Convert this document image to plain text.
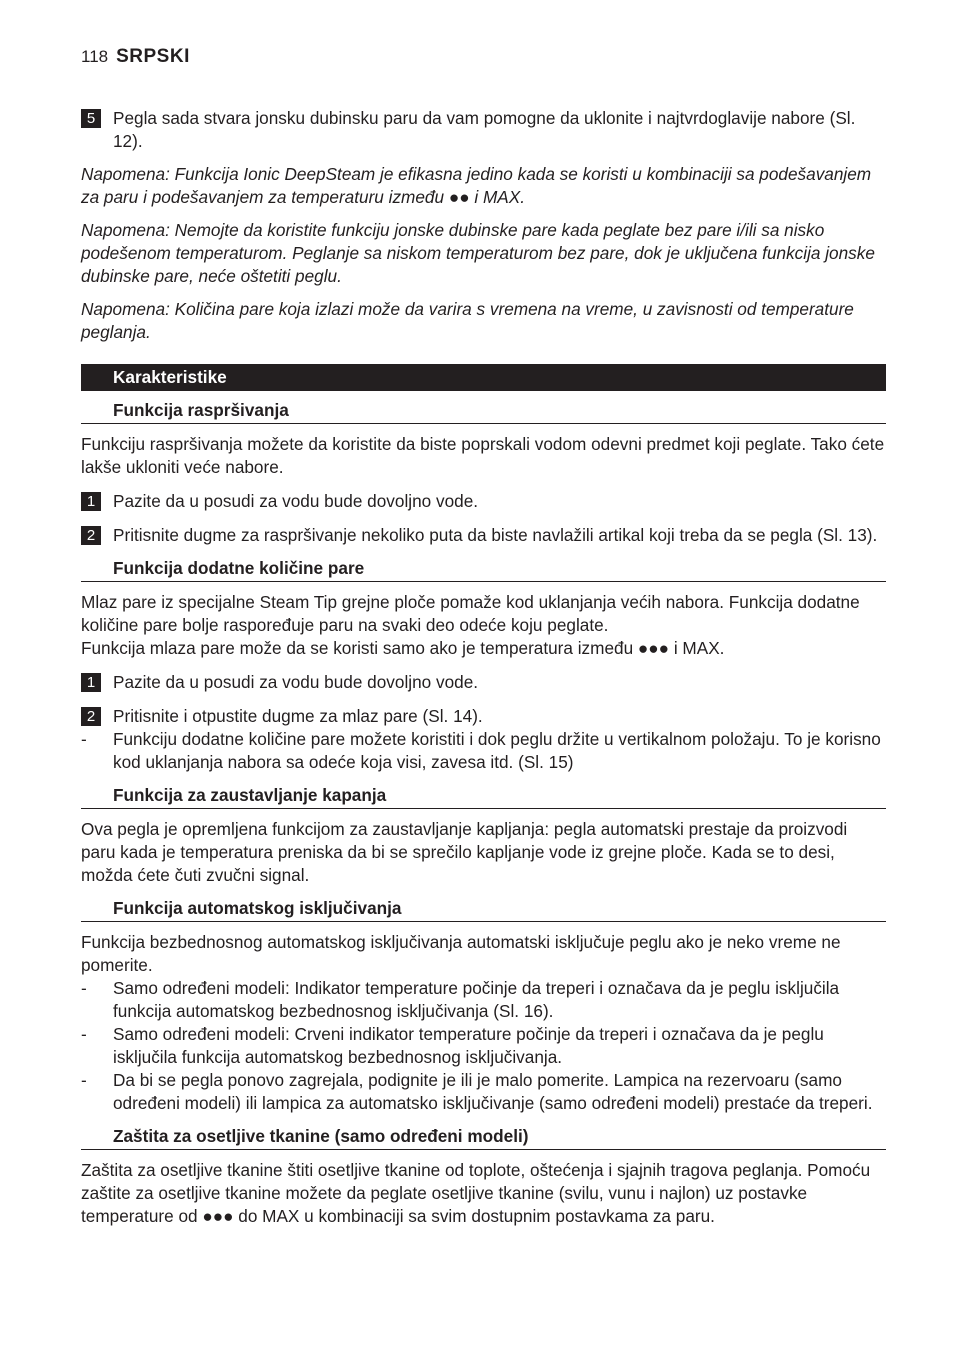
118 SRPSKI
5	Pegla sada stvara jonsku dubinsku paru da vam pomogne da uklonite i najtvrdoglavije nabore (Sl. 12).

Napomena: Funkcija Ionic DeepSteam je efikasna jedino kada se koristi u kombinaciji sa podešavanjem za paru i podešavanjem za temperaturu između ●● i MAX.

Napomena: Nemojte da koristite funkciju jonske dubinske pare kada peglate bez pare i/ili sa nisko podešenom temperaturom. Peglanje sa niskom temperaturom bez pare, dok je uključena funkcija jonske dubinske pare, neće oštetiti peglu.

Napomena: Količina pare koja izlazi može da varira s vremena na vreme, u zavisnosti od temperature peglanja.

Karakteristike
Funkcija raspršivanja

Funkciju raspršivanja možete da koristite da biste poprskali vodom odevni predmet koji peglate. Tako ćete lakše ukloniti veće nabore.

1	Pazite da u posudi za vodu bude dovoljno vode.

2	Pritisnite dugme za raspršivanje nekoliko puta da biste navlažili artikal koji treba da se pegla (Sl. 13).

Funkcija dodatne količine pare

Mlaz pare iz specijalne Steam Tip grejne ploče pomaže kod uklanjanja većih nabora. Funkcija dodatne količine pare bolje raspoređuje paru na svaki deo odeće koju peglate.

Funkcija mlaza pare može da se koristi samo ako je temperatura između ●●● i MAX.

1	Pazite da u posudi za vodu bude dovoljno vode.

2	Pritisnite i otpustite dugme za mlaz pare (Sl. 14).

-	Funkciju dodatne količine pare možete koristiti i dok peglu držite u vertikalnom položaju. To je korisno kod uklanjanja nabora sa odeće koja visi, zavesa itd. (Sl. 15)

Funkcija za zaustavljanje kapanja

Ova pegla je opremljena funkcijom za zaustavljanje kapljanja: pegla automatski prestaje da proizvodi paru kada je temperatura preniska da bi se sprečilo kapljanje vode iz grejne ploče. Kada se to desi, možda ćete čuti zvučni signal.

Funkcija automatskog isključivanja

Funkcija bezbednosnog automatskog isključivanja automatski isključuje peglu ako je neko vreme ne pomerite.

-	Samo određeni modeli: Indikator temperature počinje da treperi i označava da je peglu isključila funkcija automatskog bezbednosnog isključivanja (Sl. 16).

-	Samo određeni modeli: Crveni indikator temperature počinje da treperi i označava da je peglu isključila funkcija automatskog bezbednosnog isključivanja.

-	Da bi se pegla ponovo zagrejala, podignite je ili je malo pomerite. Lampica na rezervoaru (samo određeni modeli) ili lampica za automatsko isključivanje (samo određeni modeli) prestaće da treperi.

Zaštita za osetljive tkanine (samo određeni modeli)

Zaštita za osetljive tkanine štiti osetljive tkanine od toplote, oštećenja i sjajnih tragova peglanja. Pomoću zaštite za osetljive tkanine možete da peglate osetljive tkanine (svilu, vunu i najlon) uz postavke temperature od ●●● do MAX u kombinaciji sa svim dostupnim postavkama za paru.
